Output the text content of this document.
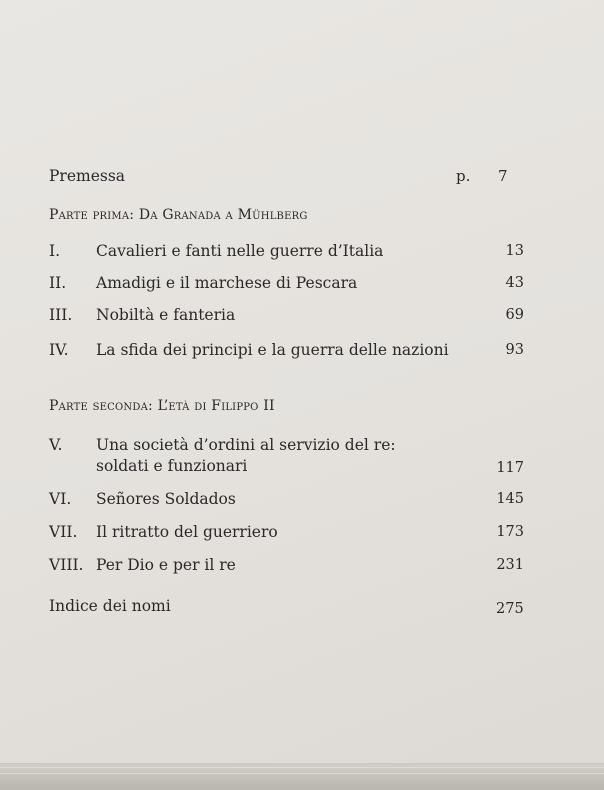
Premessa	p. 7
Parte prima: Da Granada a Mühlberg
I. Cavalieri e fanti nelle guerre d’Italia	13
II. Amadigi e il marchese di Pescara	43
III. Nobiltà e fanteria	69
IV. La sfida dei principi e la guerra delle nazioni	93
Parte seconda: L’età di Filippo II
V. Una società d’ordini al servizio del re:
soldati e funzionari	117
VI. Señores Soldados	145
VII. Il ritratto del guerriero	173
VIII. Per Dio e per il re	231
Indice dei nomi	275
